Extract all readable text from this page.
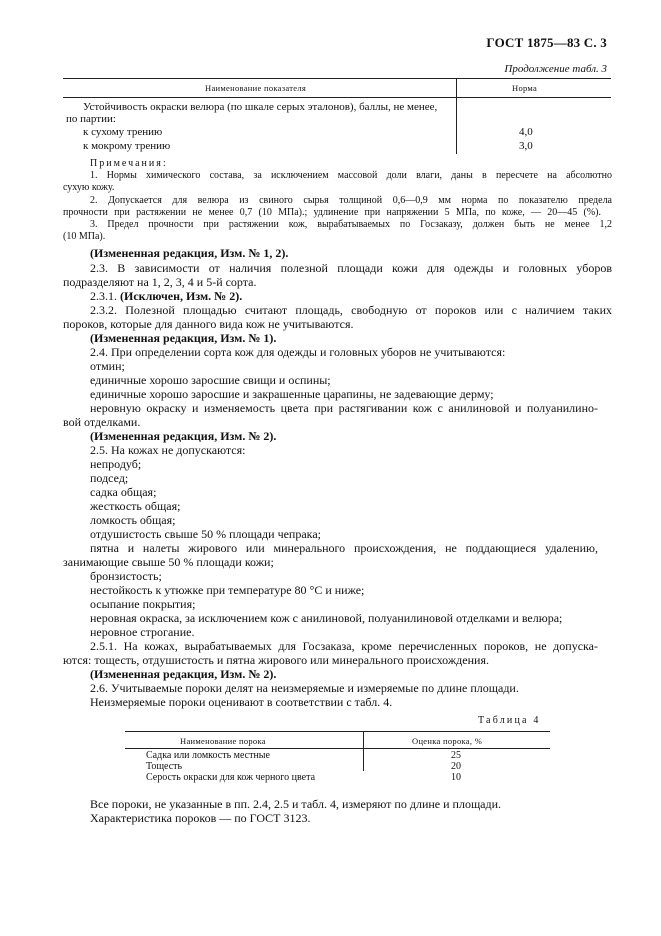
ГОСТ 1875—83 С. 3
Продолжение табл. 3
Наименование показателя	Норма
Устойчивость окраски велюра (по шкале серых эталонов), баллы, не менее,
по партии:
к сухому трению	4,0
к мокрому трению	3,0
Примечания:
1. Нормы химического состава, за исключением массовой доли влаги, даны в пересчете на абсолютно
сухую кожу.
2. Допускается для велюра из свиного сырья толщиной 0,6—0,9 мм норма по показателю предела
прочности при растяжении не менее 0,7 (10 МПа).; удлинение при напряжении 5 МПа, по коже, — 20—45 (%).
3. Предел прочности при растяжении кож, вырабатываемых по Госзаказу, должен быть не менее 1,2
(10 МПа).
(Измененная редакция, Изм. № 1, 2).
2.3. В зависимости от наличия полезной площади кожи для одежды и головных уборов
подразделяют на 1, 2, 3, 4 и 5-й сорта.
2.3.1. (Исключен, Изм. № 2).
2.3.2. Полезной площадью считают площадь, свободную от пороков или с наличием таких
пороков, которые для данного вида кож не учитываются.
(Измененная редакция, Изм. № 1).
2.4. При определении сорта кож для одежды и головных уборов не учитываются:
отмин;
единичные хорошо заросшие свищи и оспины;
единичные хорошо заросшие и закрашенные царапины, не задевающие дерму;
неровную окраску и изменяемость цвета при растягивании кож с анилиновой и полуанилино-
вой отделками.
(Измененная редакция, Изм. № 2).
2.5. На кожах не допускаются:
непродуб;
подсед;
садка общая;
жесткость общая;
ломкость общая;
отдушистость свыше 50 % площади чепрака;
пятна и налеты жирового или минерального происхождения, не поддающиеся удалению,
занимающие свыше 50 % площади кожи;
бронзистость;
нестойкость к утюжке при температуре 80 °С и ниже;
осыпание покрытия;
неровная окраска, за исключением кож с анилиновой, полуанилиновой отделками и велюра;
неровное строгание.
2.5.1. На кожах, вырабатываемых для Госзаказа, кроме перечисленных пороков, не допуска-
ются: тощесть, отдушистость и пятна жирового или минерального происхождения.
(Измененная редакция, Изм. № 2).
2.6. Учитываемые пороки делят на неизмеряемые и измеряемые по длине площади.
Неизмеряемые пороки оценивают в соответствии с табл. 4.
Таблица 4
Наименование порока	Оценка порока, %
Садка или ломкость местные	25
Тощесть	20
Серость окраски для кож черного цвета	10
Все пороки, не указанные в пп. 2.4, 2.5 и табл. 4, измеряют по длине и площади.
Характеристика пороков — по ГОСТ 3123.
